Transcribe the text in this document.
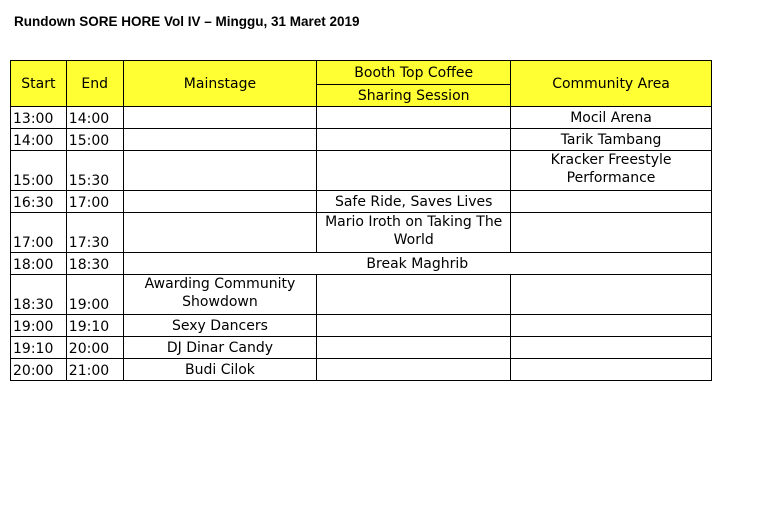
Rundown SORE HORE Vol IV – Minggu, 31 Maret 2019
Start	End	Mainstage	Booth Top Coffee	Community Area
			Sharing Session	
13:00	14:00			Mocil Arena
14:00	15:00			Tarik Tambang
15:00	15:30			Kracker Freestyle Performance
16:30	17:00		Safe Ride, Saves Lives	
17:00	17:30		Mario Iroth on Taking The World	
18:00	18:30	Break Maghrib		
18:30	19:00	Awarding Community Showdown		
19:00	19:10	Sexy Dancers		
19:10	20:00	DJ Dinar Candy		
20:00	21:00	Budi Cilok		
